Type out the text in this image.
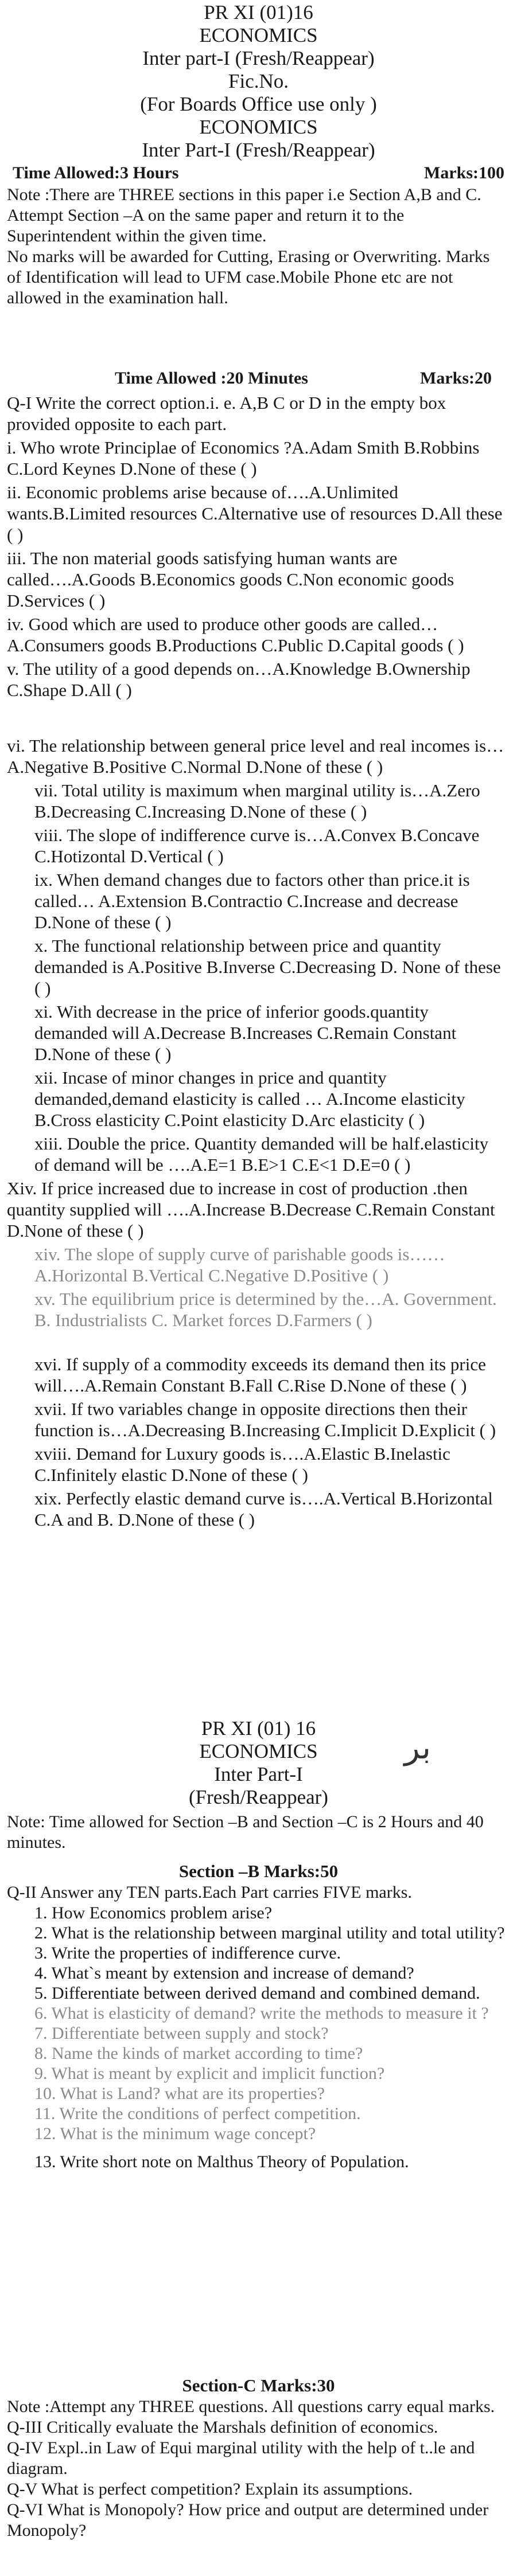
PR XI (01)16
ECONOMICS
Inter part-I (Fresh/Reappear)
Fic.No.
(For Boards Office use only )
ECONOMICS
Inter Part-I (Fresh/Reappear)
Time Allowed:3 Hours	Marks:100
Note :There are THREE sections in this paper i.e Section A,B and C.
Attempt Section –A on the same paper and return it to the Superintendent within the given time.
No marks will be awarded for Cutting, Erasing or Overwriting. Marks of Identification will lead to UFM case.Mobile Phone etc are not allowed in the examination hall.
Time Allowed :20 Minutes	Marks:20
Q-I Write the correct option.i. e. A,B C or D in the empty box provided opposite to each part.
i. Who wrote Principlae of Economics ?A.Adam Smith B.Robbins C.Lord Keynes D.None of these ( )
ii. Economic problems arise because of….A.Unlimited wants.B.Limited resources C.Alternative use of resources D.All these ( )
iii. The non material goods satisfying human wants are called….A.Goods B.Economics goods C.Non economic goods D.Services ( )
iv. Good which are used to produce other goods are called…A.Consumers goods B.Productions C.Public D.Capital goods ( )
v. The utility of a good depends on…A.Knowledge B.Ownership C.Shape D.All ( )
vi. The relationship between general price level and real incomes is…A.Negative B.Positive C.Normal D.None of these ( )
vii. Total utility is maximum when marginal utility is…A.Zero B.Decreasing C.Increasing D.None of these ( )
viii. The slope of indifference curve is…A.Convex B.Concave C.Hotizontal D.Vertical ( )
ix. When demand changes due to factors other than price.it is called… A.Extension B.Contractio C.Increase and decrease D.None of these ( )
x. The functional relationship between price and quantity demanded is A.Positive B.Inverse C.Decreasing D. None of these ( )
xi. With decrease in the price of inferior goods.quantity demanded will A.Decrease B.Increases C.Remain Constant D.None of these ( )
xii. Incase of minor changes in price and quantity demanded,demand elasticity is called … A.Income elasticity B.Cross elasticity C.Point elasticity D.Arc elasticity ( )
xiii. Double the price. Quantity demanded will be half.elasticity of demand will be ….A.E=1 B.E>1 C.E<1 D.E=0 ( )
Xiv. If price increased due to increase in cost of production .then quantity supplied will ….A.Increase B.Decrease C.Remain Constant D.None of these ( )
xiv. The slope of supply curve of parishable goods is……A.Horizontal B.Vertical C.Negative D.Positive ( )
xv. The equilibrium price is determined by the…A. Government. B. Industrialists C. Market forces D.Farmers ( )
xvi. If supply of a commodity exceeds its demand then its price will….A.Remain Constant B.Fall C.Rise D.None of these ( )
xvii. If two variables change in opposite directions then their function is…A.Decreasing B.Increasing C.Implicit D.Explicit ( )
xviii. Demand for Luxury goods is….A.Elastic B.Inelastic C.Infinitely elastic D.None of these ( )
xix. Perfectly elastic demand curve is….A.Vertical B.Horizontal C.A and B. D.None of these ( )
PR XI (01) 16
ECONOMICS
Inter Part-I
(Fresh/Reappear)
بر
Note: Time allowed for Section –B and Section –C is 2 Hours and 40 minutes.
Section –B Marks:50
Q-II Answer any TEN parts.Each Part carries FIVE marks.
1. How Economics problem arise?
2. What is the relationship between marginal utility and total utility?
3. Write the properties of indifference curve.
4. What`s meant by extension and increase of demand?
5. Differentiate between derived demand and combined demand.
6. What is elasticity of demand? write the methods to measure it ?
7. Differentiate between supply and stock?
8. Name the kinds of market according to time?
9. What is meant by explicit and implicit function?
10. What is Land? what are its properties?
11. Write the conditions of perfect competition.
12. What is the minimum wage concept?
13. Write short note on Malthus Theory of Population.
Section-C Marks:30
Note :Attempt any THREE questions. All questions carry equal marks.
Q-III Critically evaluate the Marshals definition of economics.
Q-IV Expl..in Law of Equi marginal utility with the help of t..le and diagram.
Q-V What is perfect competition? Explain its assumptions.
Q-VI What is Monopoly? How price and output are determined under Monopoly?
